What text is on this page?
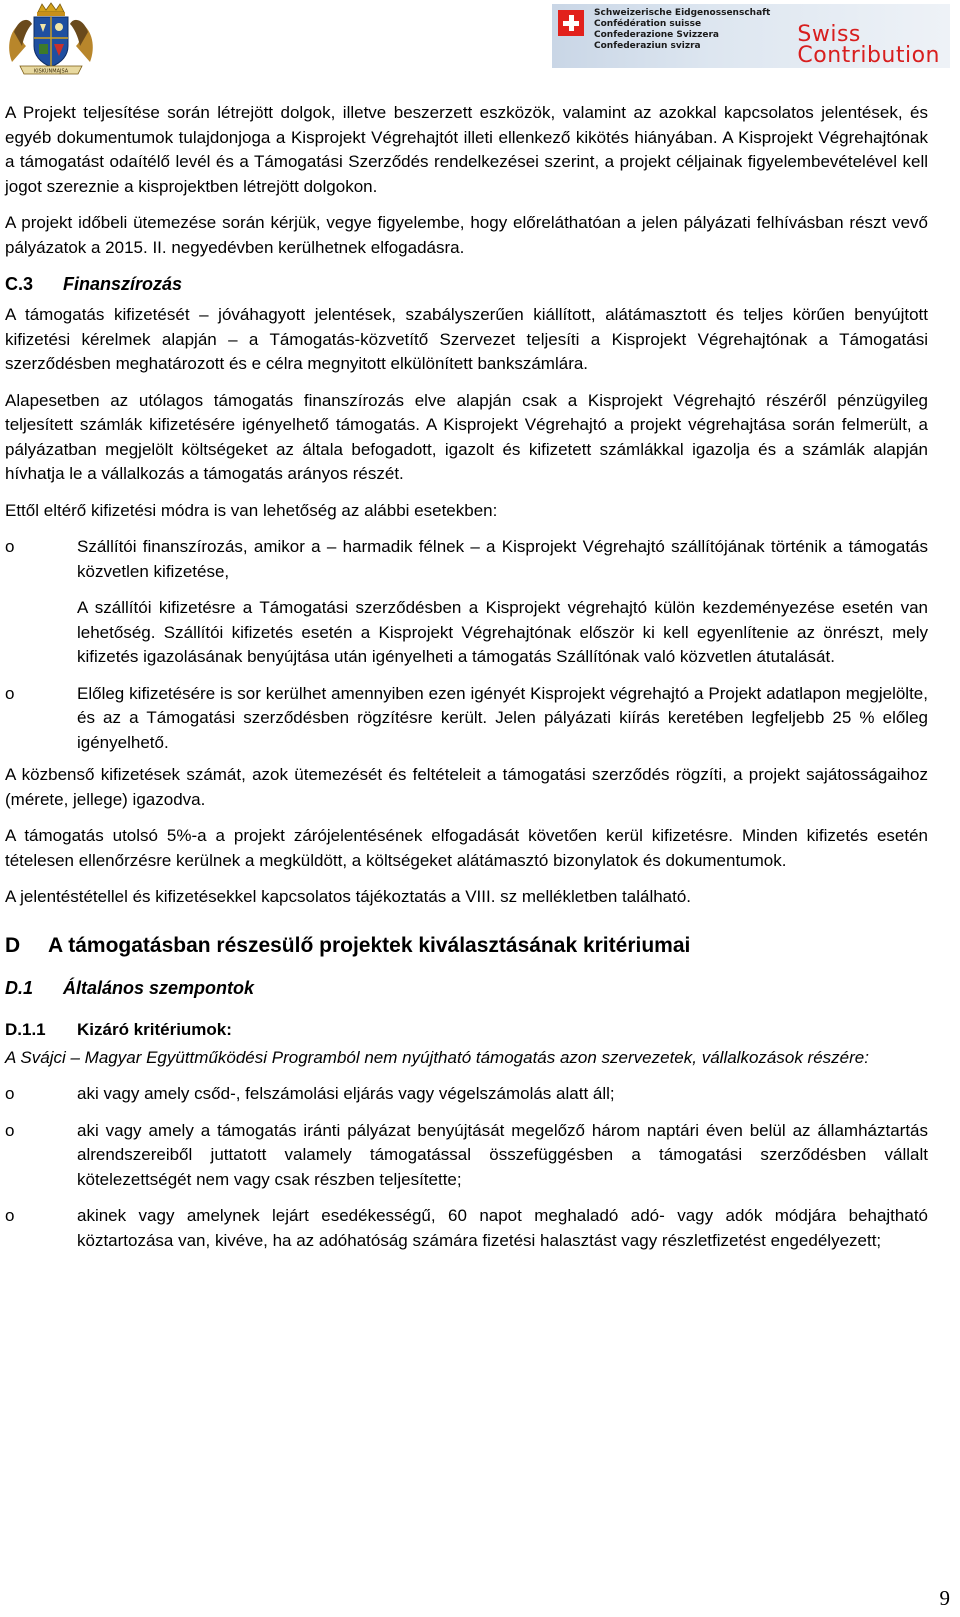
KISKUNMAJSA
Schweizerische Eidgenossenschaft
Confédération suisse
Confederazione Svizzera
Confederaziun svizra	Swiss
Contribution

A Projekt teljesítése során létrejött dolgok, illetve beszerzett eszközök, valamint az azokkal kapcsolatos jelentések, és egyéb dokumentumok tulajdonjoga a Kisprojekt Végrehajtót illeti ellenkező kikötés hiányában. A Kisprojekt Végrehajtónak a támogatást odaítélő levél és a Támogatási Szerződés rendelkezései szerint, a projekt céljainak figyelembevételével kell jogot szereznie a kisprojektben létrejött dolgokon.

A projekt időbeli ütemezése során kérjük, vegye figyelembe, hogy előreláthatóan a jelen pályázati felhívásban részt vevő pályázatok a 2015. II. negyedévben kerülhetnek elfogadásra.

C.3 Finanszírozás

A támogatás kifizetését – jóváhagyott jelentések, szabályszerűen kiállított, alátámasztott és teljes körűen benyújtott kifizetési kérelmek alapján – a Támogatás-közvetítő Szervezet teljesíti a Kisprojekt Végrehajtónak a Támogatási szerződésben meghatározott és e célra megnyitott elkülönített bankszámlára.

Alapesetben az utólagos támogatás finanszírozás elve alapján csak a Kisprojekt Végrehajtó részéről pénzügyileg teljesített számlák kifizetésére igényelhető támogatás. A Kisprojekt Végrehajtó a projekt végrehajtása során felmerült, a pályázatban megjelölt költségeket az általa befogadott, igazolt és kifizetett számlákkal igazolja és a számlák alapján hívhatja le a vállalkozás a támogatás arányos részét.

Ettől eltérő kifizetési módra is van lehetőség az alábbi esetekben:

o	Szállítói finanszírozás, amikor a – harmadik félnek – a Kisprojekt Végrehajtó szállítójának történik a támogatás közvetlen kifizetése,

A szállítói kifizetésre a Támogatási szerződésben a Kisprojekt végrehajtó külön kezdeményezése esetén van lehetőség. Szállítói kifizetés esetén a Kisprojekt Végrehajtónak először ki kell egyenlítenie az önrészt, mely kifizetés igazolásának benyújtása után igényelheti a támogatás Szállítónak való közvetlen átutalását.

o	Előleg kifizetésére is sor kerülhet amennyiben ezen igényét Kisprojekt végrehajtó a Projekt adatlapon megjelölte, és az a Támogatási szerződésben rögzítésre került. Jelen pályázati kiírás keretében legfeljebb 25 % előleg igényelhető.

A közbenső kifizetések számát, azok ütemezését és feltételeit a támogatási szerződés rögzíti, a projekt sajátosságaihoz (mérete, jellege) igazodva.

A támogatás utolsó 5%-a a projekt zárójelentésének elfogadását követően kerül kifizetésre. Minden kifizetés esetén tételesen ellenőrzésre kerülnek a megküldött, a költségeket alátámasztó bizonylatok és dokumentumok.

A jelentéstétellel és kifizetésekkel kapcsolatos tájékoztatás a VIII. sz mellékletben található.

D A támogatásban részesülő projektek kiválasztásának kritériumai
D.1 Általános szempontok
D.1.1 Kizáró kritériumok:

A Svájci – Magyar Együttműködési Programból nem nyújtható támogatás azon szervezetek, vállalkozások részére:

o	aki vagy amely csőd-, felszámolási eljárás vagy végelszámolás alatt áll;
o	aki vagy amely a támogatás iránti pályázat benyújtását megelőző három naptári éven belül az államháztartás alrendszereiből juttatott valamely támogatással összefüggésben a támogatási szerződésben vállalt kötelezettségét nem vagy csak részben teljesítette;
o	akinek vagy amelynek lejárt esedékességű, 60 napot meghaladó adó- vagy adók módjára behajtható köztartozása van, kivéve, ha az adóhatóság számára fizetési halasztást vagy részletfizetést engedélyezett;
9
